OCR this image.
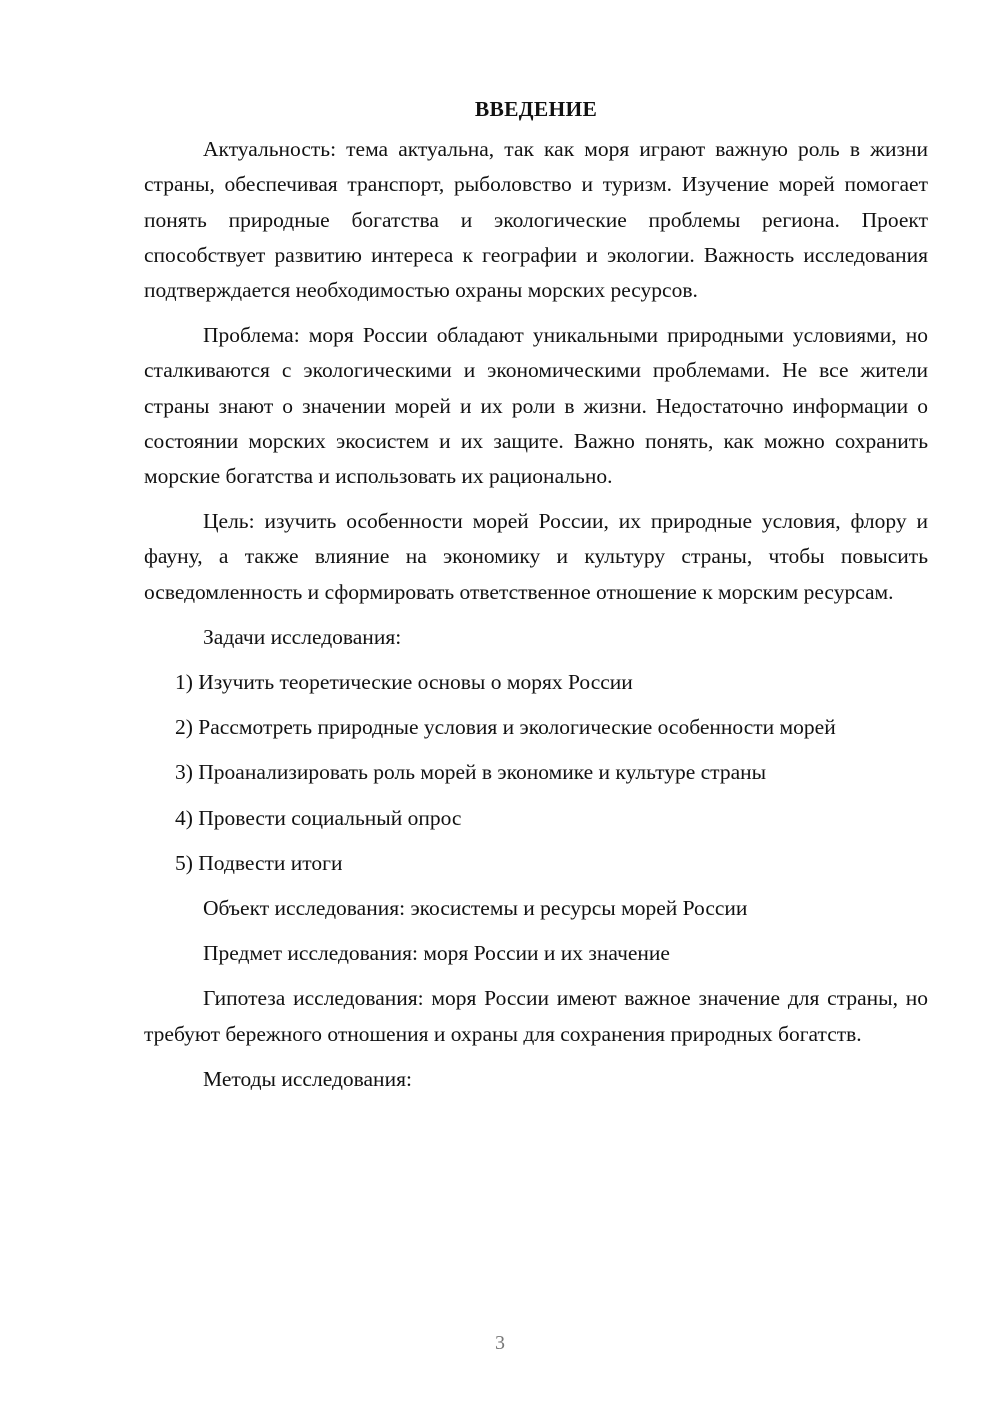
ВВЕДЕНИЕ

Актуальность: тема актуальна, так как моря играют важную роль в жизни страны, обеспечивая транспорт, рыболовство и туризм. Изучение морей помогает понять природные богатства и экологические проблемы региона. Проект способствует развитию интереса к географии и экологии. Важность исследования подтверждается необходимостью охраны морских ресурсов.

Проблема: моря России обладают уникальными природными условиями, но сталкиваются с экологическими и экономическими проблемами. Не все жители страны знают о значении морей и их роли в жизни. Недостаточно информации о состоянии морских экосистем и их защите. Важно понять, как можно сохранить морские богатства и использовать их рационально.

Цель: изучить особенности морей России, их природные условия, флору и фауну, а также влияние на экономику и культуру страны, чтобы повысить осведомленность и сформировать ответственное отношение к морским ресурсам.

Задачи исследования:

1) Изучить теоретические основы о морях России

2) Рассмотреть природные условия и экологические особенности морей

3) Проанализировать роль морей в экономике и культуре страны

4) Провести социальный опрос

5) Подвести итоги

Объект исследования: экосистемы и ресурсы морей России

Предмет исследования: моря России и их значение

Гипотеза исследования: моря России имеют важное значение для страны, но требуют бережного отношения и охраны для сохранения природных богатств.

Методы исследования:

3
